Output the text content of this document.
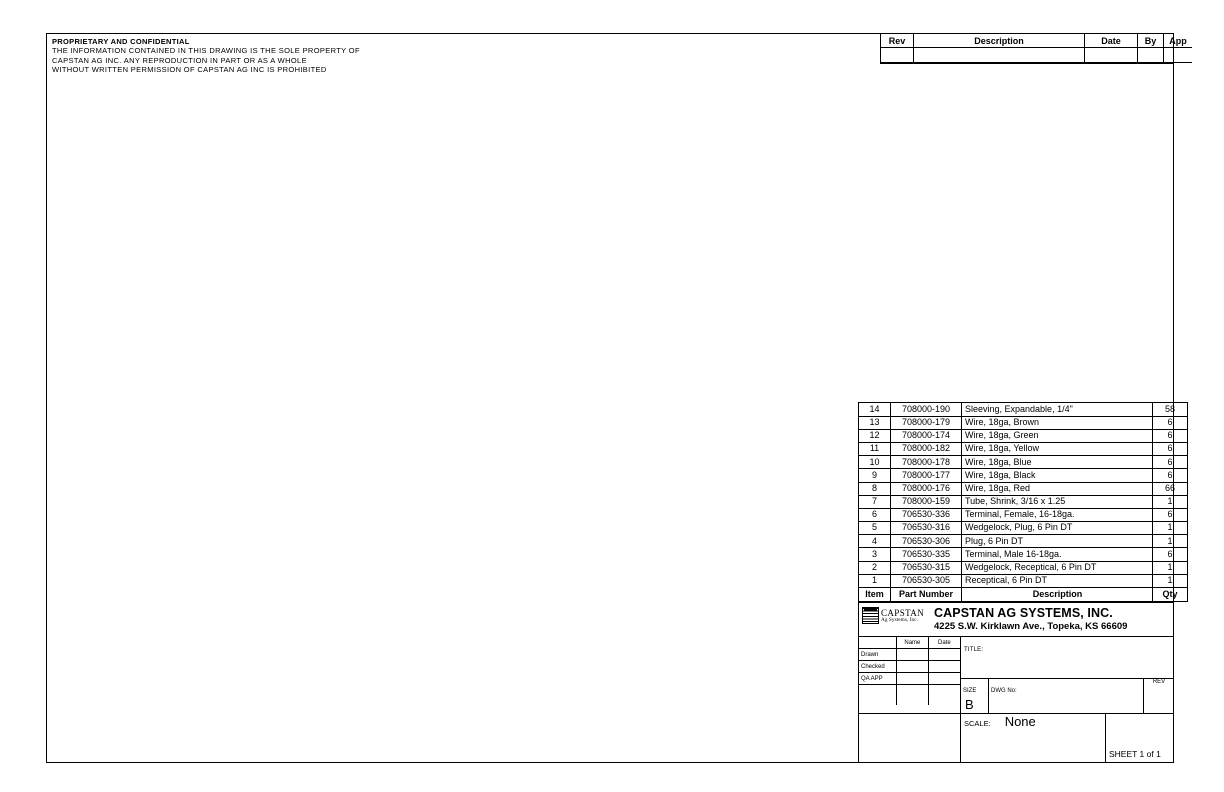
PROPRIETARY AND CONFIDENTIAL
THE INFORMATION CONTAINED IN THIS DRAWING IS THE SOLE PROPERTY OF
CAPSTAN AG INC. ANY REPRODUCTION IN PART OR AS A WHOLE
WITHOUT WRITTEN PERMISSION OF CAPSTAN AG INC IS PROHIBITED
Rev	Description	Date	By	App

14	708000-190	Sleeving, Expandable, 1/4"	58
13	708000-179	Wire, 18ga, Brown	6
12	708000-174	Wire, 18ga, Green	6
11	708000-182	Wire, 18ga, Yellow	6
10	708000-178	Wire, 18ga, Blue	6
9	708000-177	Wire, 18ga, Black	6
8	708000-176	Wire, 18ga, Red	66
7	708000-159	Tube, Shrink, 3/16 x 1.25	1
6	706530-336	Terminal, Female, 16-18ga.	6
5	706530-316	Wedgelock, Plug, 6 Pin DT	1
4	706530-306	Plug, 6 Pin DT	1
3	706530-335	Terminal, Male 16-18ga.	6
2	706530-315	Wedgelock, Receptical, 6 Pin DT	1
1	706530-305	Receptical, 6 Pin DT	1
Item	Part Number	Description	Qty
CAPSTAN
Ag Systems, Inc.
CAPSTAN AG SYSTEMS, INC.
4225 S.W. Kirklawn Ave., Topeka, KS 66609
	Name	Date
Drawn		
Checked		
QA APP		

TITLE:
SIZE
B
DWG No:
REV
SCALE:	None
SHEET 1 of 1
